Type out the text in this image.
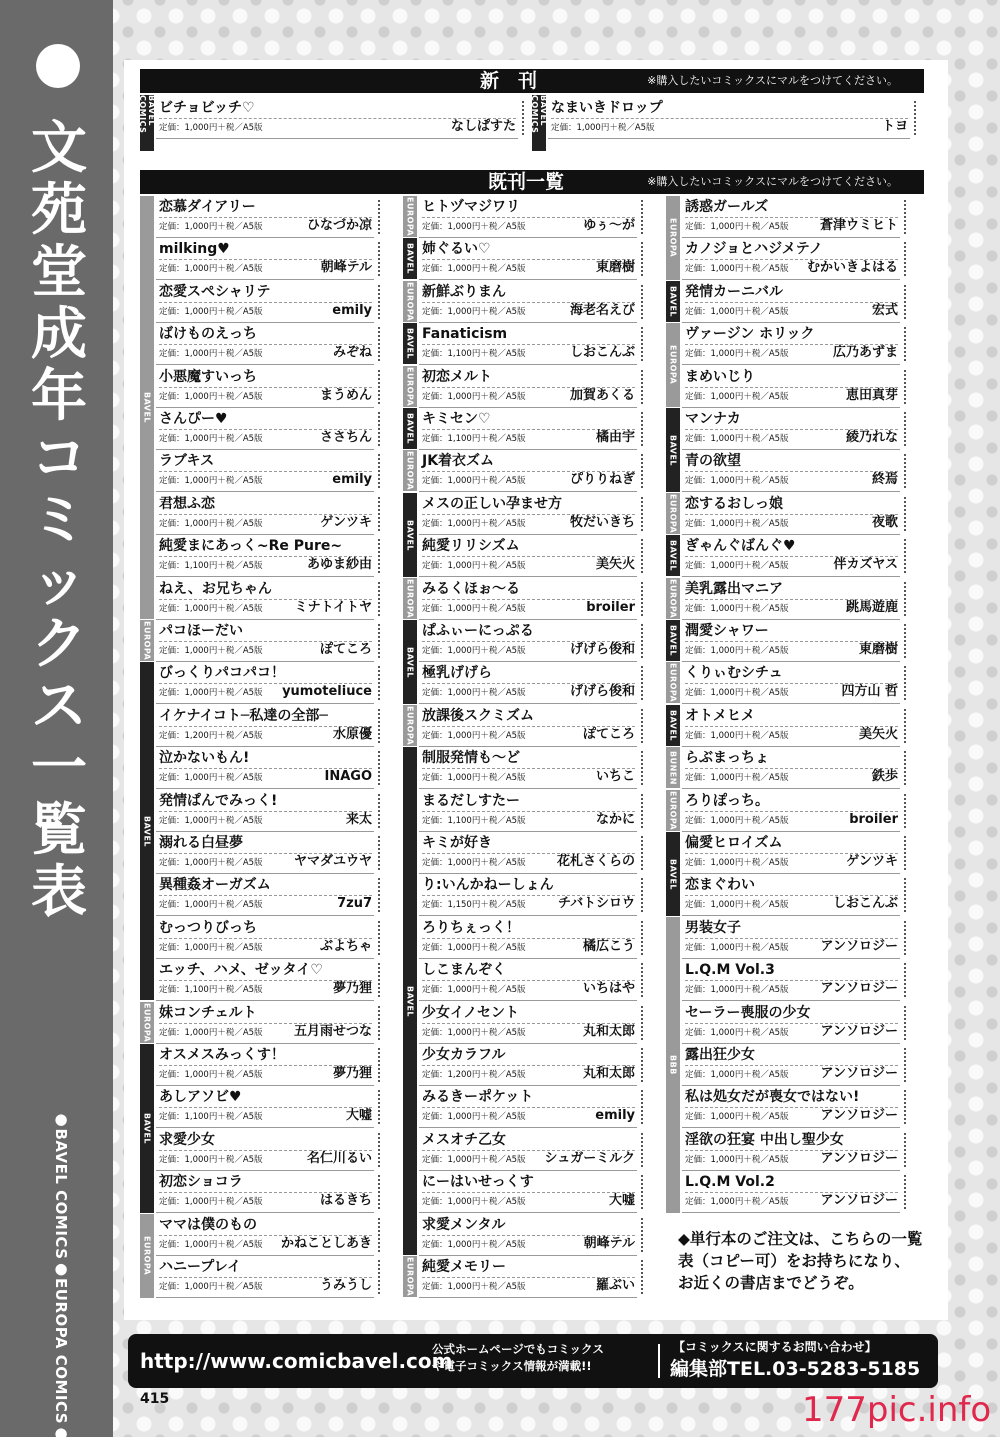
文
苑
堂
成
年
コ
ミ
ッ
ク
ス
一
覧
表
●BAVEL COMICS●EUROPA COMICS●
新　刊	※購入したいコミックスにマルをつけてください。
BAVEL COMICS ビチョビッチ♡
定価：1,000円＋税／A5版	なしぱすた
BAVEL COMICS なまいきドロップ
定価：1,000円＋税／A5版	トヨ
既刊一覧	※購入したいコミックスにマルをつけてください。
BAVEL
EUROPA
BAVEL
EUROPA
BAVEL
EUROPA
恋慕ダイアリー
定価：1,000円＋税／A5版	ひなづか凉
milking♥
定価：1,000円＋税／A5版	朝峰テル
恋愛スペシャリテ
定価：1,000円＋税／A5版	emily
ばけものえっち
定価：1,000円＋税／A5版	みぞね
小悪魔すいっち
定価：1,000円＋税／A5版	まうめん
さんぴー♥
定価：1,000円＋税／A5版	ささちん
ラブキス
定価：1,000円＋税／A5版	emily
君想ふ恋
定価：1,000円＋税／A5版	ゲンツキ
純愛まにあっく~Re Pure~
定価：1,100円＋税／A5版	あゆま紗由
ねえ、お兄ちゃん
定価：1,000円＋税／A5版 ミナトイトヤ
パコほーだい
定価：1,000円＋税／A5版	ぽてころ
びっくりパコパコ！
定価：1,000円＋税／A5版 yumoteliuce
イケナイコト─私達の全部─
定価：1,200円＋税／A5版	水原優
泣かないもん!
定価：1,000円＋税／A5版	INAGO
発情ぱんでみっく!
定価：1,000円＋税／A5版	来太
溺れる白昼夢
定価：1,000円＋税／A5版 ヤマダユウヤ
異種姦オーガズム
定価：1,000円＋税／A5版	7zu7
むっつりびっち
定価：1,000円＋税／A5版	ぶよちゃ
エッチ、ハメ、ゼッタイ♡
定価：1,100円＋税／A5版	夢乃狸
妹コンチェルト
定価：1,000円＋税／A5版 五月雨せつな
オスメスみっくす！
定価：1,000円＋税／A5版	夢乃狸
あしアソビ♥
定価：1,100円＋税／A5版	大嘘
求愛少女
定価：1,000円＋税／A5版	名仁川るい
初恋ショコラ
定価：1,000円＋税／A5版	はるきち
ママは僕のもの
定価：1,000円＋税／A5版 かねことしあき
ハニープレイ
定価：1,000円＋税／A5版	うみうし
EUROPA
BAVEL
EUROPA
BAVEL
EUROPA
BAVEL
EUROPA
BAVEL
EUROPA
BAVEL
EUROPA
BAVEL
EUROPA
ヒトヅマジワリ
定価：1,000円＋税／A5版	ゆぅ～が
姉ぐるい♡
定価：1,000円＋税／A5版	東磨樹
新鮮ぶりまん
定価：1,000円＋税／A5版	海老名えび
Fanaticism
定価：1,100円＋税／A5版	しおこんぶ
初恋メルト
定価：1,000円＋税／A5版	加賀あくる
キミセン♡
定価：1,100円＋税／A5版	橘由宇
JK着衣ズム
定価：1,000円＋税／A5版	ぴりりねぎ
メスの正しい孕ませ方
定価：1,000円＋税／A5版	牧だいきち
純愛リリシズム
定価：1,000円＋税／A5版	美矢火
みるくほぉ～る
定価：1,000円＋税／A5版	broiler
ぱふぃーにっぷる
定価：1,000円＋税／A5版	げげら俊和
極乳げげら
定価：1,000円＋税／A5版	げげら俊和
放課後スクミズム
定価：1,000円＋税／A5版	ぽてころ
制服発情も～ど
定価：1,000円＋税／A5版	いちこ
まるだしすたー
定価：1,100円＋税／A5版	なかに
キミが好き
定価：1,000円＋税／A5版 花札さくらの
り:いんかねーしょん
定価：1,150円＋税／A5版 チバトシロウ
ろりちぇっく！
定価：1,000円＋税／A5版	橘広こう
しこまんぞく
定価：1,000円＋税／A5版	いちはや
少女イノセント
定価：1,000円＋税／A5版	丸和太郎
少女カラフル
定価：1,200円＋税／A5版	丸和太郎
みるきーポケット
定価：1,000円＋税／A5版	emily
メスオチ乙女
定価：1,000円＋税／A5版 シュガーミルク
にーはいせっくす
定価：1,000円＋税／A5版	大嘘
求愛メンタル
定価：1,000円＋税／A5版	朝峰テル
純愛メモリー
定価：1,000円＋税／A5版	羅ぶい
EUROPA
BAVEL
EUROPA
BAVEL
EUROPA
BAVEL
EUROPA
BAVEL
EUROPA
BAVEL
BUNEN
EUROPA
BAVEL
BBB
誘惑ガールズ
定価：1,000円＋税／A5版 蒼津ウミヒト
カノジョとハジメテノ
定価：1,000円＋税／A5版 むかいきよはる
発情カーニバル
定価：1,000円＋税／A5版	宏式
ヴァージン ホリック
定価：1,000円＋税／A5版	広乃あずま
まめいじり
定価：1,000円＋税／A5版	恵田真芽
マンナカ
定価：1,000円＋税／A5版	綾乃れな
青の欲望
定価：1,000円＋税／A5版	終焉
恋するおしっ娘
定価：1,000円＋税／A5版	夜歌
ぎゃんぐばんぐ♥
定価：1,000円＋税／A5版	伴カズヤス
美乳露出マニア
定価：1,000円＋税／A5版	跳馬遊鹿
潤愛シャワー
定価：1,000円＋税／A5版	東磨樹
くりぃむシチュ
定価：1,000円＋税／A5版	四方山 哲
オトメヒメ
定価：1,000円＋税／A5版	美矢火
らぶまっちょ
定価：1,000円＋税／A5版	鉄歩
ろりぽっち。
定価：1,000円＋税／A5版	broiler
偏愛ヒロイズム
定価：1,000円＋税／A5版	ゲンツキ
恋まぐわい
定価：1,000円＋税／A5版	しおこんぶ
男装女子
定価：1,000円＋税／A5版 アンソロジー
L.Q.M Vol.3
定価：1,000円＋税／A5版 アンソロジー
セーラー喪服の少女
定価：1,000円＋税／A5版 アンソロジー
露出狂少女
定価：1,000円＋税／A5版 アンソロジー
私は処女だが喪女ではない!
定価：1,000円＋税／A5版 アンソロジー
淫欲の狂宴 中出し聖少女
定価：1,000円＋税／A5版 アンソロジー
L.Q.M Vol.2
定価：1,000円＋税／A5版 アンソロジー
◆単行本のご注文は、こちらの一覧表（コピー可）をお持ちになり、お近くの書店までどうぞ。
http://www.comicbavel.com
公式ホームページでもコミックス
や電子コミックス情報が満載!!
【コミックスに関するお問い合わせ】
編集部TEL.03-5283-5185
415	177pic.info
